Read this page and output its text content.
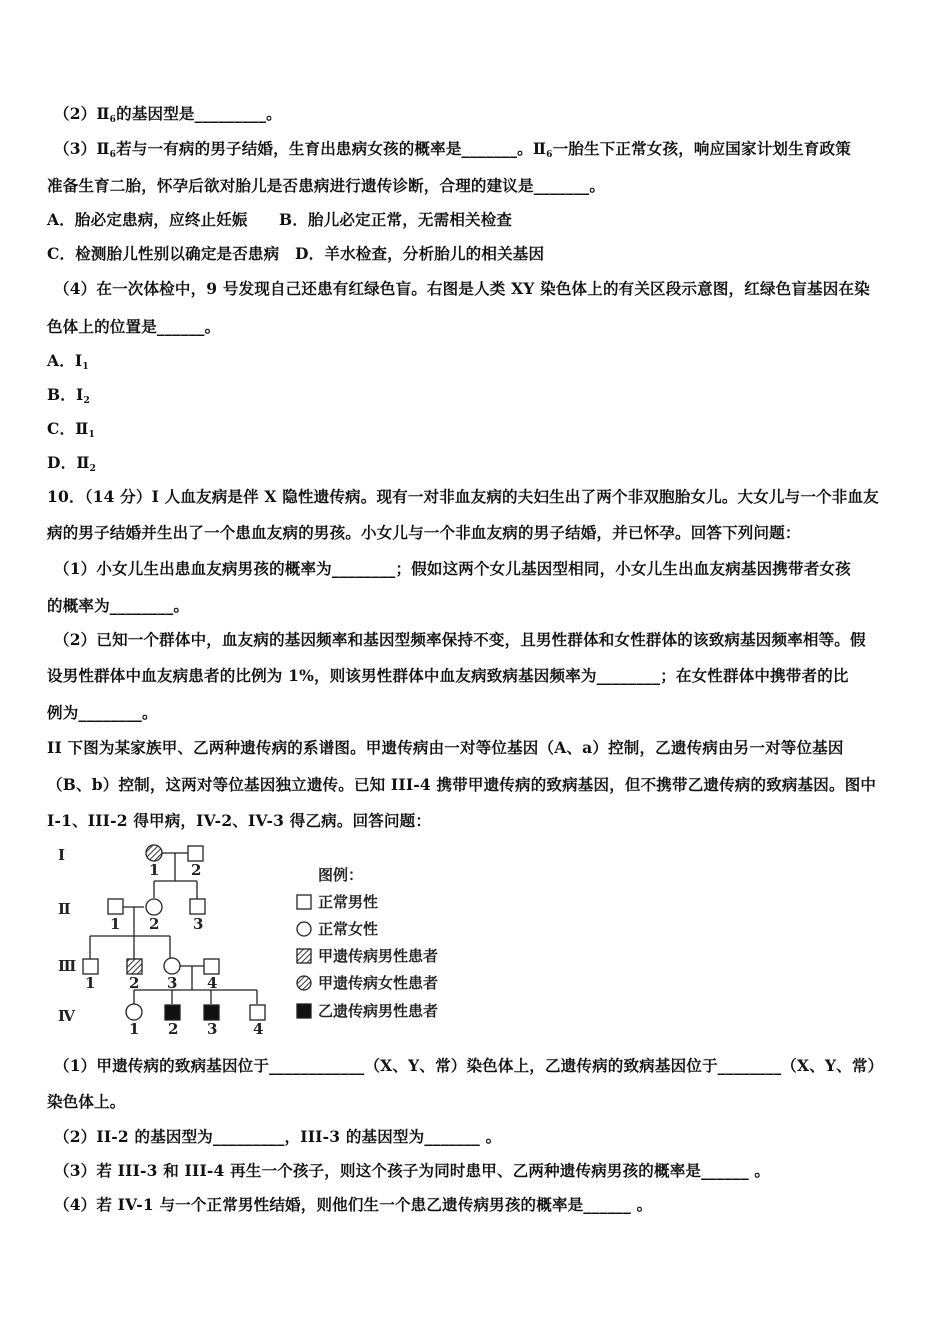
$(2)Ⅱ_6$的基因型是_________。
$(3)Ⅱ_6$若与一有病的男子结婚，生育出患病女孩的概率是_______。$Ⅱ_6$一胎生下正常女孩，响应国家计划生育政策
准备生育二胎，怀孕后欲对胎儿是否患病进行遗传诊断，合理的建议是_______。
A．胎必定患病，应终止妊娠　　B．胎儿必定正常，无需相关检查
C．检测胎儿性别以确定是否患病　D．羊水检查，分析胎儿的相关基因
（4）在一次体检中，9 号发现自己还患有红绿色盲。右图是人类 XY 染色体上的有关区段示意图，红绿色盲基因在染
色体上的位置是______。
A．$I_1$
B．$I_2$
C．$Ⅱ_1$
D．$Ⅱ_2$
10．（14 分）I 人血友病是伴 X 隐性遗传病。现有一对非血友病的夫妇生出了两个非双胞胎女儿。大女儿与一个非血友
病的男子结婚并生出了一个患血友病的男孩。小女儿与一个非血友病的男子结婚，并已怀孕。回答下列问题：
（1）小女儿生出患血友病男孩的概率为________；假如这两个女儿基因型相同，小女儿生出血友病基因携带者女孩
的概率为________。
（2）已知一个群体中，血友病的基因频率和基因型频率保持不变，且男性群体和女性群体的该致病基因频率相等。假
设男性群体中血友病患者的比例为 1%，则该男性群体中血友病致病基因频率为________；在女性群体中携带者的比
例为________。
II 下图为某家族甲、乙两种遗传病的系谱图。甲遗传病由一对等位基因（A、a）控制，乙遗传病由另一对等位基因
（B、b）控制，这两对等位基因独立遗传。已知 III-4 携带甲遗传病的致病基因，但不携带乙遗传病的致病基因。图中
I-1、III-2 得甲病，IV-2、IV-3 得乙病。回答问题：
Ⅰ
Ⅱ
Ⅲ
Ⅳ
1 2
1 2 3
1 2 3 4
1 2 3 4
图例：
正常男性
正常女性
甲遗传病男性患者
甲遗传病女性患者
乙遗传病男性患者
（1）甲遗传病的致病基因位于____________（X、Y、常）染色体上，乙遗传病的致病基因位于________（X、Y、常）
染色体上。
（2）II-2 的基因型为_________，III-3 的基因型为_______ 。
（3）若 III-3 和 III-4 再生一个孩子，则这个孩子为同时患甲、乙两种遗传病男孩的概率是______ 。
（4）若 IV-1 与一个正常男性结婚，则他们生一个患乙遗传病男孩的概率是______ 。
